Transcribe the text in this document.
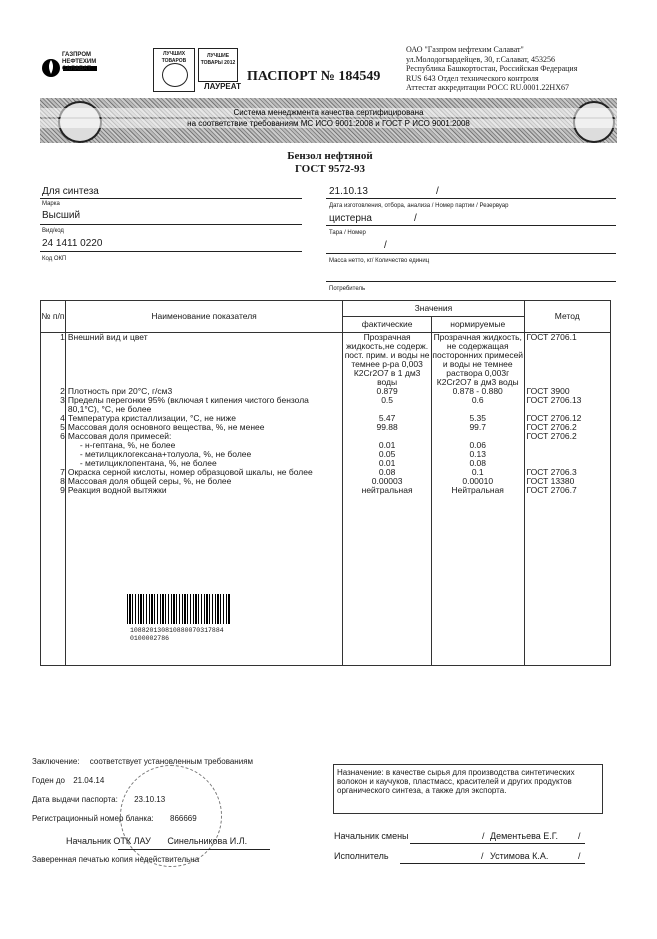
ГАЗПРОМ НЕФТЕХИМ САЛАВАТ
ЛУЧШИХ ТОВАРОВ
ЛУЧШИЕ ТОВАРЫ 2012
ЛАУРЕАТ
ПАСПОРТ № 184549
ОАО "Газпром нефтехим Салават"
ул.Молодогвардейцев, 30, г.Салават, 453256
Республика Башкортостан, Российская Федерация
RUS 643 Отдел технического контроля
Аттестат аккредитации РОСС RU.0001.22НХ67
Система менеджмента качества сертифицирована
на соответствие требованиям МС ИСО 9001:2008 и ГОСТ Р ИСО 9001:2008
Бензол нефтяной
ГОСТ 9572-93
Для синтеза
Марка
Высший
Вид/код
24 1411 0220
Код ОКП
21.10.13	/
Дата изготовления, отбора, анализа / Номер партии / Резервуар
цистерна	/
Тара / Номер
/
Масса нетто, кг/ Количество единиц
Потребитель
№ п/п	Наименование показателя	Значения		Метод
		фактические	нормируемые	
1	Внешний вид и цвет	Прозрачная жидкость,не содерж. пост. прим. и воды не темнее р-ра 0,003 К2Cr2O7 в 1 дм3 воды	Прозрачная жидкость, не содержащая посторонних примесей и воды не темнее раствора 0,003г К2Cr2O7 в дм3 воды	ГОСТ 2706.1
2	Плотность при 20°С, г/см3	0.879	0.878 - 0.880	ГОСТ 3900
3	Пределы перегонки 95% (включая t кипения чистого бензола 80,1°С), °С, не более	0.5	0.6	ГОСТ 2706.13
4	Температура кристаллизации, °С, не ниже	5.47	5.35	ГОСТ 2706.12
5	Массовая доля основного вещества, %, не менее	99.88	99.7	ГОСТ 2706.2
6	Массовая доля примесей:			ГОСТ 2706.2
	- н-гептана, %, не более	0.01	0.06	
	- метилциклогексана+толуола, %, не более	0.05	0.13	
	- метилциклопентана, %, не более	0.01	0.08	
7	Окраска серной кислоты, номер образцовой шкалы, не более	0.08	0.1	ГОСТ 2706.3
8	Массовая доля общей серы, %, не более	0.00003	0.00010	ГОСТ 13380
9	Реакция водной вытяжки	нейтральная	Нейтральная	ГОСТ 2706.7

108820130810880070317884
0100002786
Заключение: соответствует установленным требованиям
Годен до 21.04.14
Дата выдачи паспорта: 23.10.13
Регистрационный номер бланка: 866669
Начальник ОТК ЛАУ Синельникова И.Л.
Заверенная печатью копия недействительна
Назначение: в качестве сырья для производства синтетических волокон и каучуков, пластмасс, красителей и других продуктов органического синтеза, а также для экспорта.
Начальник смены	/ Дементьева Е.Г. /
Исполнитель	/ Устимова К.А.	/
